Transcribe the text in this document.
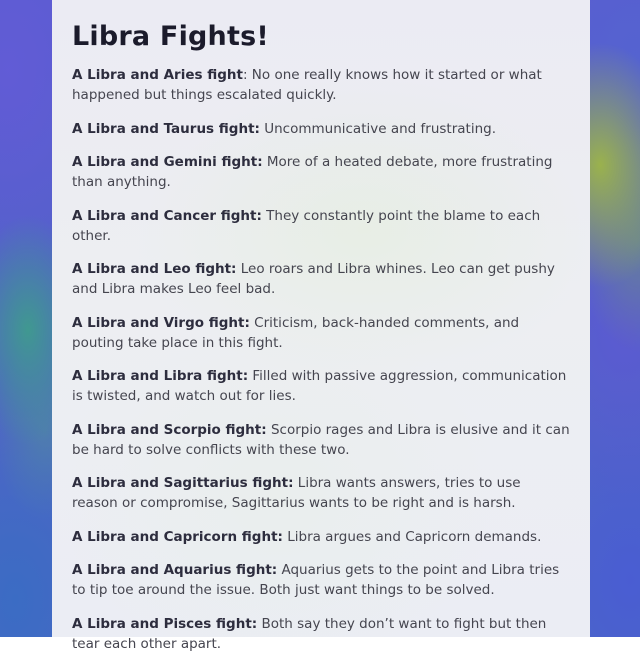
Libra Fights!

A Libra and Aries fight: No one really knows how it started or what happened but things escalated quickly.

A Libra and Taurus fight: Uncommunicative and frustrating.

A Libra and Gemini fight: More of a heated debate, more frustrating than anything.

A Libra and Cancer fight: They constantly point the blame to each other.

A Libra and Leo fight: Leo roars and Libra whines. Leo can get pushy and Libra makes Leo feel bad.

A Libra and Virgo fight: Criticism, back-handed comments, and pouting take place in this fight.

A Libra and Libra fight: Filled with passive aggression, communication is twisted, and watch out for lies.

A Libra and Scorpio fight: Scorpio rages and Libra is elusive and it can be hard to solve conflicts with these two.

A Libra and Sagittarius fight: Libra wants answers, tries to use reason or compromise, Sagittarius wants to be right and is harsh.

A Libra and Capricorn fight: Libra argues and Capricorn demands.

A Libra and Aquarius fight: Aquarius gets to the point and Libra tries to tip toe around the issue. Both just want things to be solved.

A Libra and Pisces fight: Both say they don’t want to fight but then tear each other apart.
